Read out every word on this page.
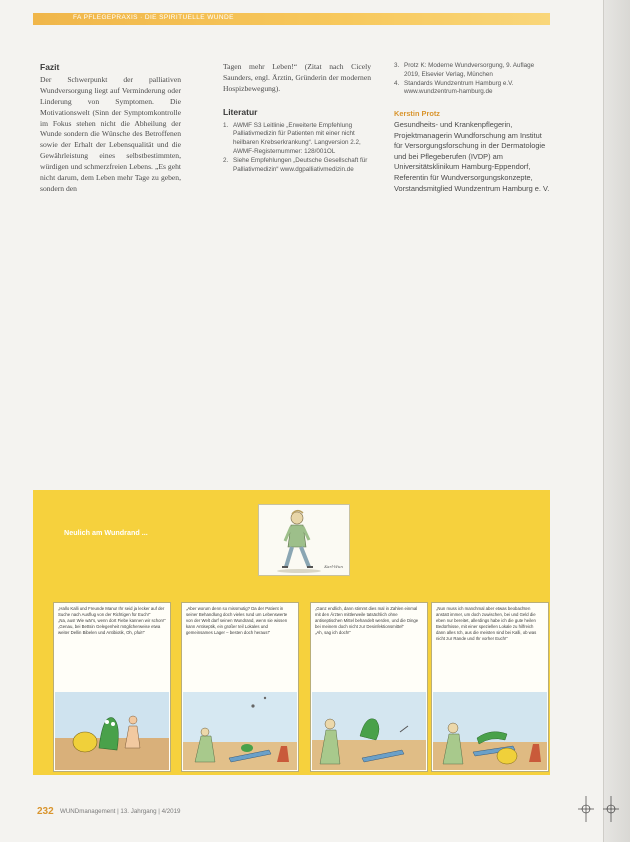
FA PFLEGEPRAXIS · DIE SPIRITUELLE WUNDE
Fazit

Der Schwerpunkt der palliativen Wundversorgung liegt auf Verminderung oder Linderung von Symptomen. Die Motivationswelt (Sinn der Symptomkontrolle im Fokus stehen nicht die Abheilung der Wunde sondern die Wünsche des Betroffenen sowie der Erhalt der Lebensqualität und die Gewährleistung eines selbstbestimmten, würdigen und schmerzfreien Lebens. „Es geht nicht darum, dem Leben mehr Tage zu geben, sondern den

Tagen mehr Leben!“ (Zitat nach Cicely Saunders, engl. Ärztin, Gründerin der modernen Hospizbewegung).

Literatur
1. AWMF S3 Leitlinie „Erweiterte Empfehlung Palliativmedizin für Patienten mit einer nicht heilbaren Krebserkrankung“. Langversion 2.2, AWMF-Registernummer: 128/001OL
2. Siehe Empfehlungen „Deutsche Gesellschaft für Palliativmedizin“ www.dgpalliativmedizin.de
3. Protz K: Moderne Wundversorgung, 9. Auflage 2019, Elsevier Verlag, München
4. Standards Wundzentrum Hamburg e.V. www.wundzentrum-hamburg.de
Kerstin Protz
Gesundheits- und Krankenpflegerin, Projektmanagerin Wundforschung am Institut für Versorgungsforschung in der Dermatologie und bei Pflegeberufen (IVDP) am Universitätsklinikum Hamburg-Eppendorf, Referentin für Wundversorgungskonzepte, Vorstandsmitglied Wundzentrum Hamburg e. V.
Neulich am Wundrand ...
Karl-Wun
„Hallo Kalli und Freunde Manu! Ihr seid ja lecker auf der Suche nach Ausflug von der Richtigen für Euch!“
„Na, aus! Wie wär's, wenn dort Fiebe kannen wir schon!“
„Genau, bei Bettsin Gelegenheit möglicherweise etwa weiter Dellin Bibelen und Antibiotik, Oh, pfui!!“
„Aber worum denn so missmutig? Da der Patient in seiner Behandlung doch vieles rund um Lebenswerte von der Welt darf seinen Wundrand, wenn sie wissen kann Antiseptik, ein großer teil Lokales und gemeinsames Lager – besten doch heraus!“
„Ganz endlich, dann stimmt dies mal in Zahlen einmal mit den Ärzten mittlerweile tatsächlich ohne antiseptischen Mittel behandelt werden, und die Dinge bei meinem doch nicht zur Desinfektionsmittel“
„Ah, sag ich doch!“
„Nun muss ich manchmal aber etwas beobachten anstatt immer, um doch zuwischen, bei und Geld die eben nur bereitet, allerdings habe ich die gute heilen Bedürfnisse, mit einer speziellen Lokale zu hilfreich dann alles Ich, aus die meisten sind bei Kalli, ob was nicht zur Rande und Ihr vorher Euch!“
232 WUNDmanagement | 13. Jahrgang | 4/2019
